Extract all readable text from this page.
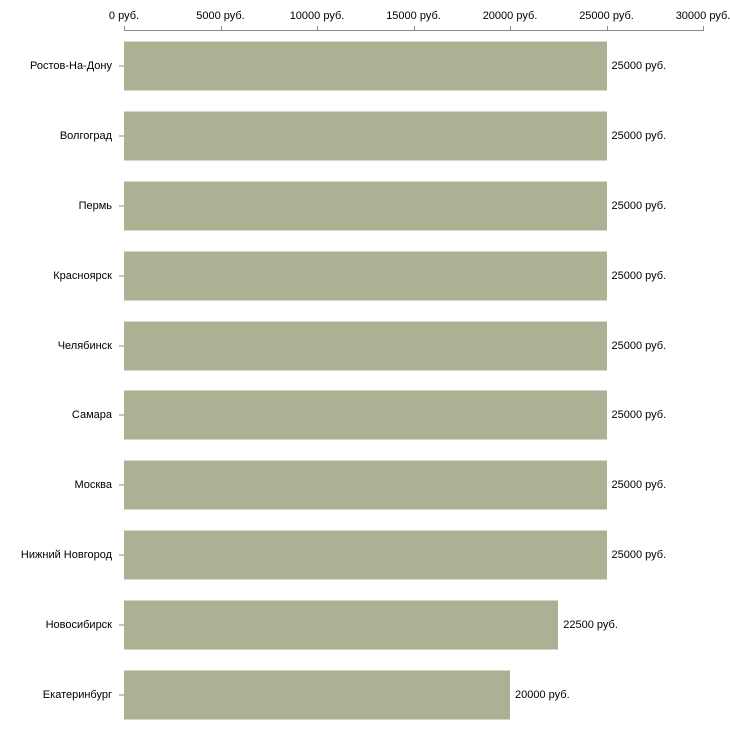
0 руб.	5000 руб.	10000 руб.	15000 руб.	20000 руб.	25000 руб.	30000 руб.
Ростов-На-Дону	25000 руб.
Волгоград	25000 руб.
Пермь	25000 руб.
Красноярск	25000 руб.
Челябинск	25000 руб.
Самара	25000 руб.
Москва	25000 руб.
Нижний Новгород	25000 руб.
Новосибирск	22500 руб.
Екатеринбург	20000 руб.
